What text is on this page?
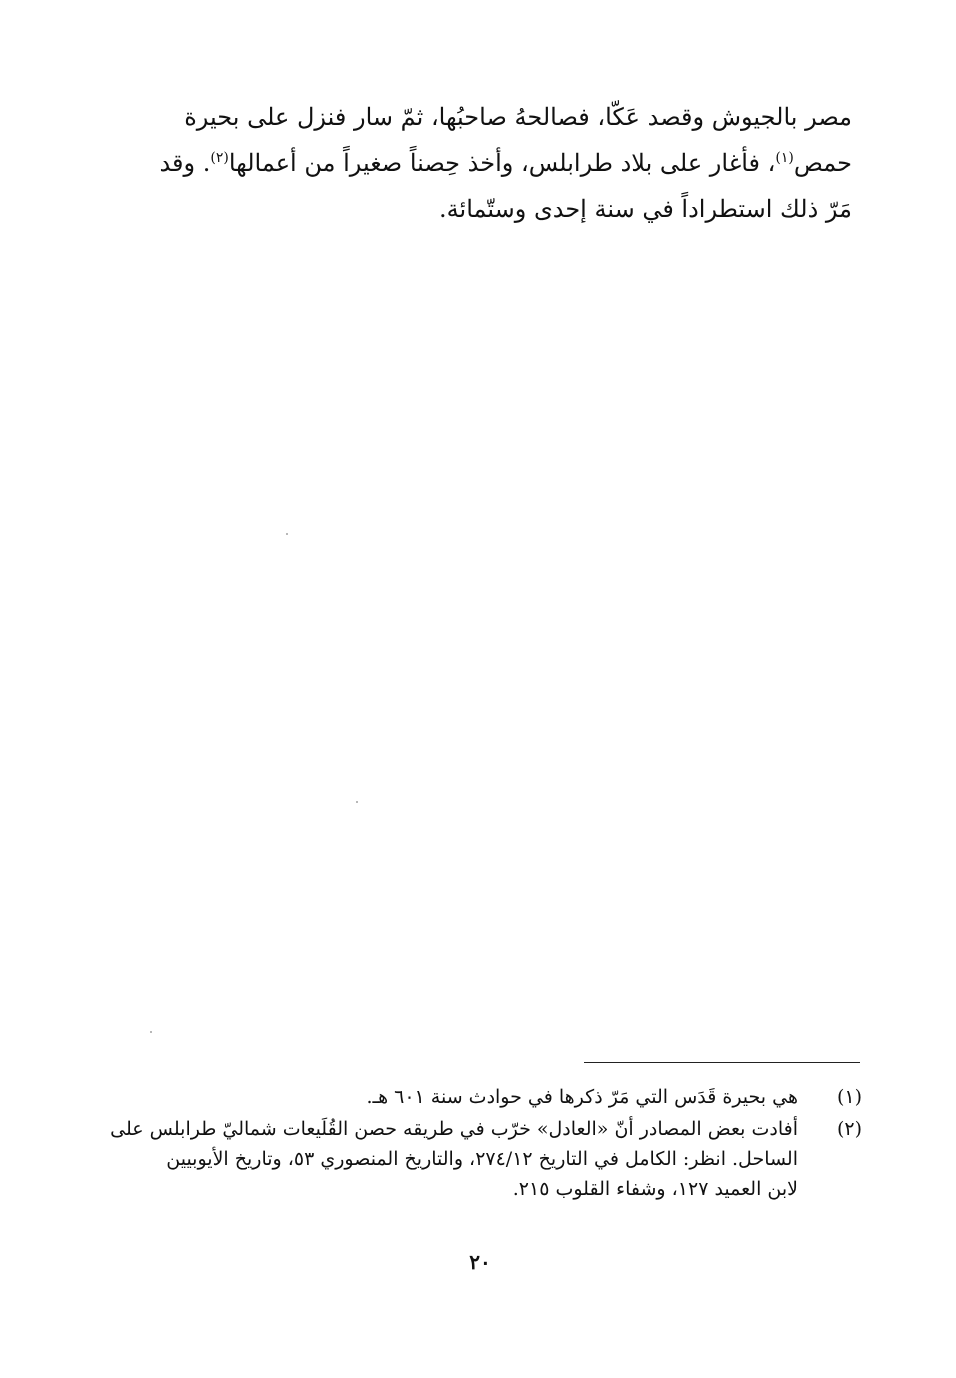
مصر بالجيوش وقصد عَكّا، فصالحهُ صاحبُها، ثمّ سار فنزل على بحيرة
حمص$^{(١)}$، فأغار على بلاد طرابلس، وأخذ حِصناً صغيراً من أعمالها$^{(٢)}$. وقد
مَرّ ذلك استطراداً في سنة إحدى وستّمائة.
(١)
هي بحيرة قَدَس التي مَرّ ذكرها في حوادث سنة ٦٠١ هـ.
(٢)
أفادت بعض المصادر أنّ «العادل» خرّب في طريقه حصن القُلَيعات شماليّ طرابلس على
الساحل. انظر: الكامل في التاريخ ٢٧٤/١٢، والتاريخ المنصوري ٥٣، وتاريخ الأيوبيين
لابن العميد ١٢٧، وشفاء القلوب ٢١٥.
٢٠
